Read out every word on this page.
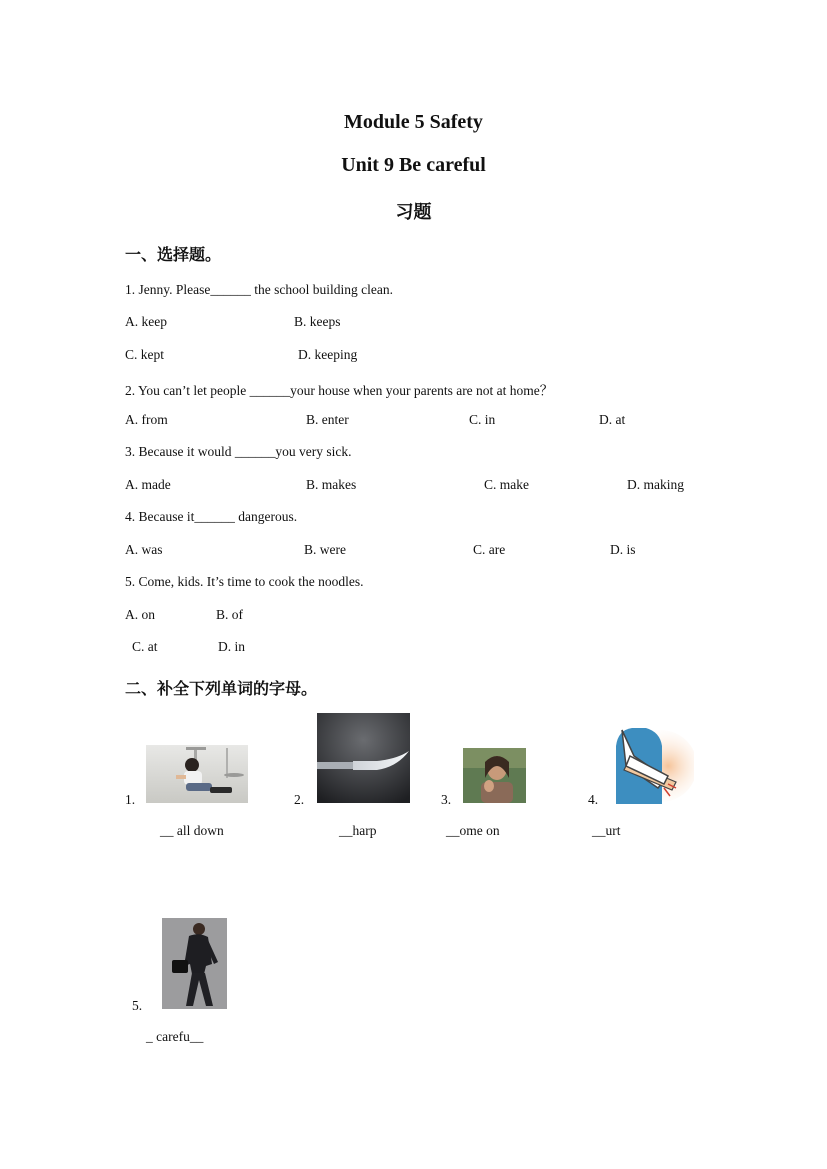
Module 5 Safety
Unit 9 Be careful
习题
一、选择题。
1. Jenny. Please______ the school building clean.
A. keep	B. keeps
C. kept	D. keeping
2. You can’t let people ______your house when your parents are not at home？
A. from	B. enter	C. in	D. at
3. Because it would ______you very sick.
A. made	B. makes	C. make	D. making
4. Because it______ dangerous.
A. was	B. were	C. are	D. is
5. Come, kids. It’s time to cook the noodles.
A. on	B. of
C. at	D. in
二、补全下列单词的字母。
1.
__ all down
2.
__harp
3.
__ome on
4.
__urt
5.
_ carefu__
